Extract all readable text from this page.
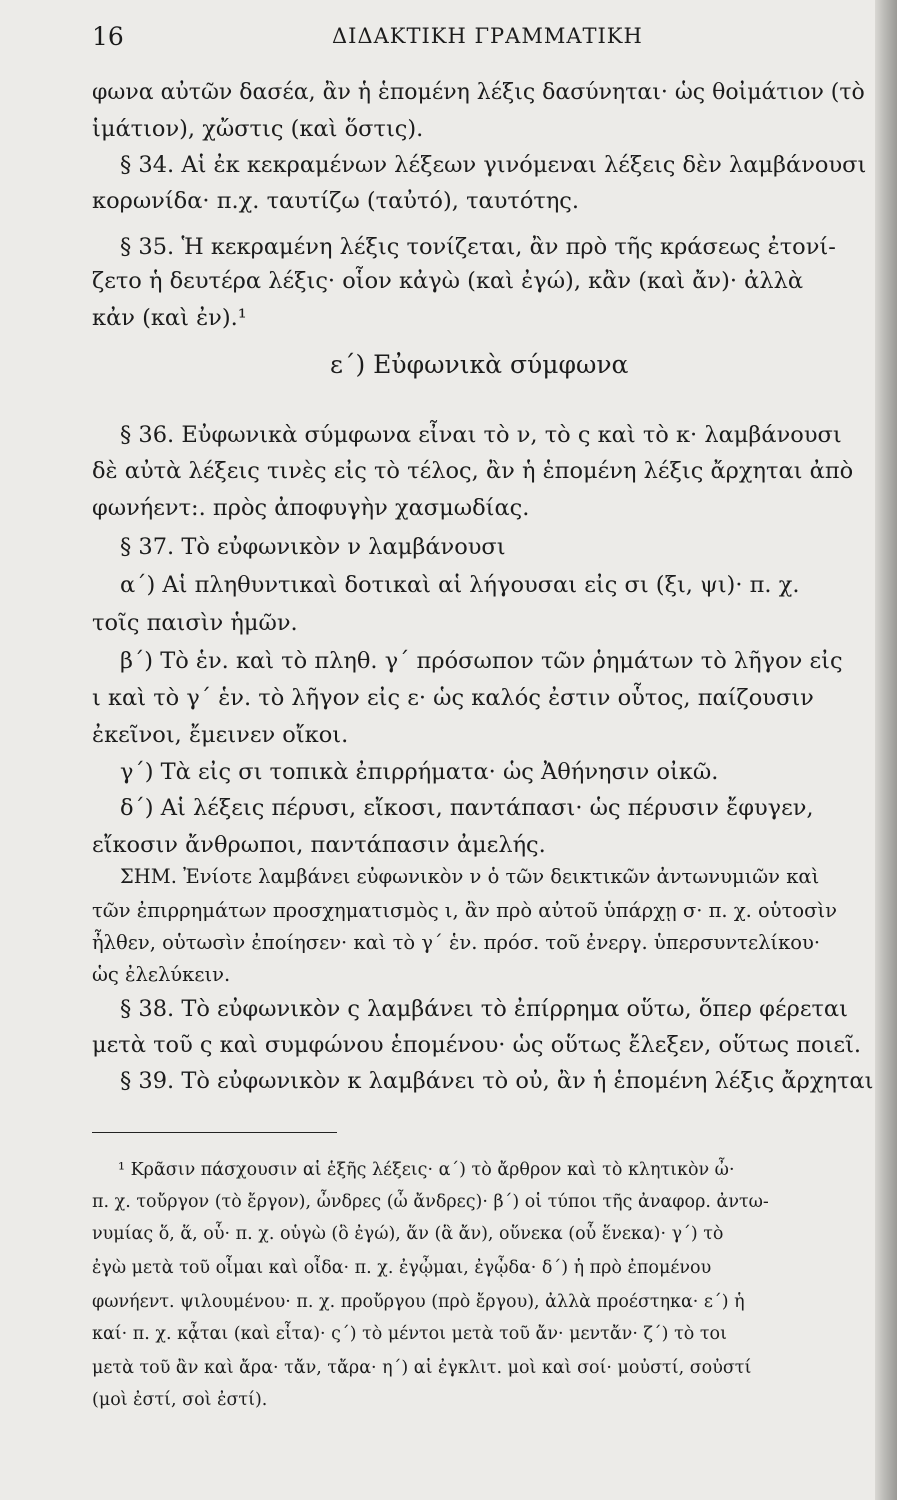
16	ΔΙΔΑΚΤΙΚΗ ΓΡΑΜΜΑΤΙΚΗ
φωνα αὐτῶν δασέα, ἂν ἡ ἑπομένη λέξις δασύνηται· ὡς θοἰμάτιον (τὸ
ἱμάτιον), χὤστις (καὶ ὅστις).
§ 34. Αἱ ἐκ κεκραμένων λέξεων γινόμεναι λέξεις δὲν λαμβάνουσι
κορωνίδα· π.χ. ταυτίζω (ταὐτό), ταυτότης.
§ 35. Ἡ κεκραμένη λέξις τονίζεται, ἂν πρὸ τῆς κράσεως ἐτονί-
ζετο ἡ δευτέρα λέξις· οἷον κἀγὼ (καὶ ἐγώ), κἂν (καὶ ἄν)· ἀλλὰ
κἀν (καὶ ἐν).¹
§ 36. Εὐφωνικὰ σύμφωνα εἶναι τὸ ν, τὸ ς καὶ τὸ κ· λαμβάνουσι
δὲ αὐτὰ λέξεις τινὲς εἰς τὸ τέλος, ἂν ἡ ἑπομένη λέξις ἄρχηται ἀπὸ
φωνήεντ:. πρὸς ἀποφυγὴν χασμωδίας.
§ 37. Τὸ εὐφωνικὸν ν λαμβάνουσι
α΄) Αἱ πληθυντικαὶ δοτικαὶ αἱ λήγουσαι εἰς σι (ξι, ψι)· π. χ.
τοῖς παισὶν ἡμῶν.
β΄) Τὸ ἑν. καὶ τὸ πληθ. γ΄ πρόσωπον τῶν ῥημάτων τὸ λῆγον εἰς
ι καὶ τὸ γ΄ ἑν. τὸ λῆγον εἰς ε· ὡς καλός ἐστιν οὗτος, παίζουσιν
ἐκεῖνοι, ἔμεινεν οἴκοι.
γ΄) Τὰ εἰς σι τοπικὰ ἐπιρρήματα· ὡς Ἀθήνησιν οἰκῶ.
δ΄) Αἱ λέξεις πέρυσι, εἴκοσι, παντάπασι· ὡς πέρυσιν ἔφυγεν,
εἴκοσιν ἄνθρωποι, παντάπασιν ἀμελής.
ΣΗΜ. Ἐνίοτε λαμβάνει εὐφωνικὸν ν ὁ τῶν δεικτικῶν ἀντωνυμιῶν καὶ
τῶν ἐπιρρημάτων προσχηματισμὸς ι, ἂν πρὸ αὐτοῦ ὑπάρχῃ σ· π. χ. οὑτοσὶν
ἦλθεν, οὑτωσὶν ἐποίησεν· καὶ τὸ γ΄ ἑν. πρόσ. τοῦ ἐνεργ. ὑπερσυντελίκου·
ὡς ἐλελύκειν.
§ 38. Τὸ εὐφωνικὸν ς λαμβάνει τὸ ἐπίρρημα οὕτω, ὅπερ φέρεται
μετὰ τοῦ ς καὶ συμφώνου ἑπομένου· ὡς οὕτως ἔλεξεν, οὕτως ποιεῖ.
§ 39. Τὸ εὐφωνικὸν κ λαμβάνει τὸ οὐ, ἂν ἡ ἑπομένη λέξις ἄρχηται
ε΄) Εὐφωνικὰ σύμφωνα
¹ Κρᾶσιν πάσχουσιν αἱ ἑξῆς λέξεις· α΄) τὸ ἄρθρον καὶ τὸ κλητικὸν ὦ·
π. χ. τοὔργον (τὸ ἔργον), ὦνδρες (ὦ ἄνδρες)· β΄) οἱ τύποι τῆς ἀναφορ. ἀντω-
νυμίας ὅ, ἅ, οὗ· π. χ. οὑγὼ (ὃ ἐγώ), ἅν (ἃ ἄν), οὕνεκα (οὗ ἕνεκα)· γ΄) τὸ
ἐγὼ μετὰ τοῦ οἶμαι καὶ οἶδα· π. χ. ἐγᾦμαι, ἐγᾦδα· δ΄) ἡ πρὸ ἐπομένου
φωνήεντ. ψιλουμένου· π. χ. προὔργου (πρὸ ἔργου), ἀλλὰ προέστηκα· ε΄) ἡ
καί· π. χ. κᾆται (καὶ εἶτα)· ς΄) τὸ μέντοι μετὰ τοῦ ἄν· μεντἄν· ζ΄) τὸ τοι
μετὰ τοῦ ἂν καὶ ἄρα· τἄν, τἄρα· η΄) αἱ ἐγκλιτ. μοὶ καὶ σοί· μοὐστί, σοὐστί
(μοὶ ἐστί, σοὶ ἐστί).
